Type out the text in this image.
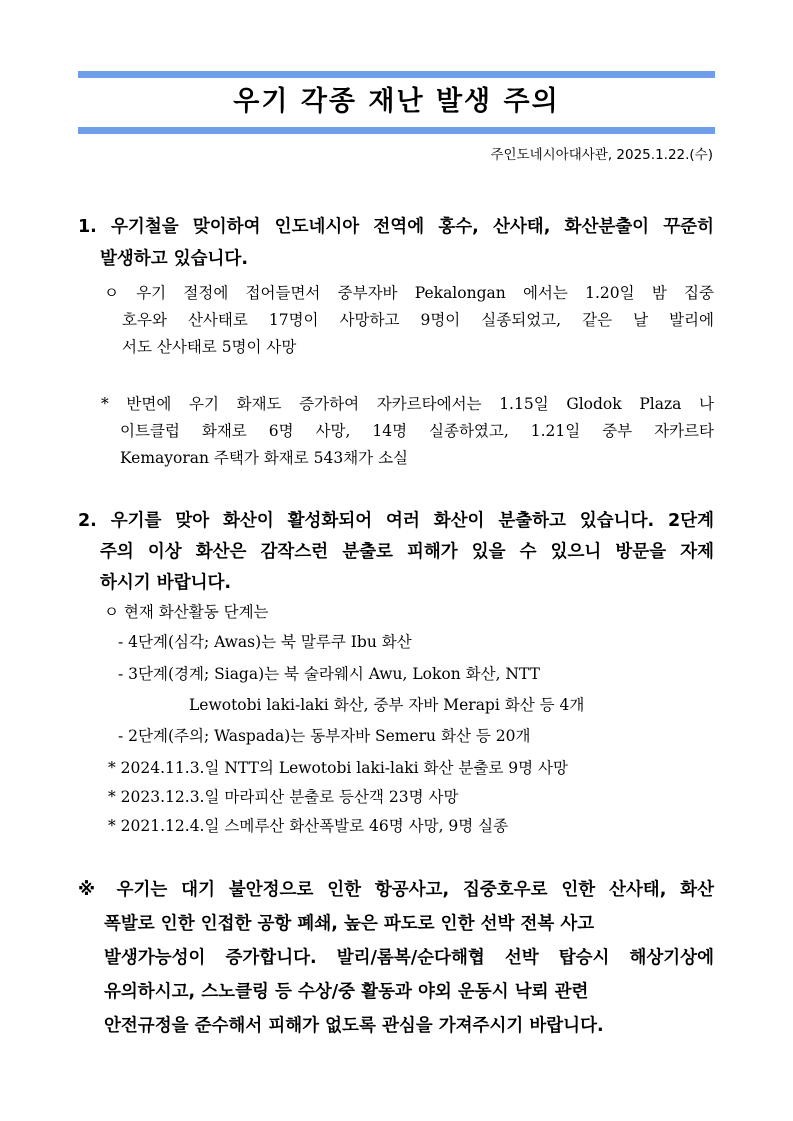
우기 각종 재난 발생 주의
주인도네시아대사관, 2025.1.22.(수)
1. 우기철을 맞이하여 인도네시아 전역에 홍수, 산사태, 화산분출이 꾸준히
발생하고 있습니다.
ㅇ 우기 절정에 접어들면서 중부자바 Pekalongan 에서는 1.20일 밤 집중
호우와 산사태로 17명이 사망하고 9명이 실종되었고, 같은 날 발리에
서도 산사태로 5명이 사망
* 반면에 우기 화재도 증가하여 자카르타에서는 1.15일 Glodok Plaza 나
이트클럽 화재로 6명 사망, 14명 실종하였고, 1.21일 중부 자카르타
Kemayoran 주택가 화재로 543채가 소실
2. 우기를 맞아 화산이 활성화되어 여러 화산이 분출하고 있습니다. 2단계
주의 이상 화산은 감작스런 분출로 피해가 있을 수 있으니 방문을 자제
하시기 바랍니다.
ㅇ 현재 화산활동 단계는
- 4단계(심각; Awas)는 북 말루쿠 Ibu 화산
- 3단계(경계; Siaga)는 북 술라웨시 Awu, Lokon 화산, NTT
Lewotobi laki-laki 화산, 중부 자바 Merapi 화산 등 4개
- 2단계(주의; Waspada)는 동부자바 Semeru 화산 등 20개
* 2024.11.3.일 NTT의 Lewotobi laki-laki 화산 분출로 9명 사망
* 2023.12.3.일 마라피산 분출로 등산객 23명 사망
* 2021.12.4.일 스메루산 화산폭발로 46명 사망, 9명 실종
※ 우기는 대기 불안정으로 인한 항공사고, 집중호우로 인한 산사태, 화산
폭발로 인한 인접한 공항 폐쇄, 높은 파도로 인한 선박 전복 사고
발생가능성이 증가합니다. 발리/롬복/순다해협 선박 탑승시 해상기상에
유의하시고, 스노클링 등 수상/중 활동과 야외 운동시 낙뢰 관련
안전규정을 준수해서 피해가 없도록 관심을 가져주시기 바랍니다.
